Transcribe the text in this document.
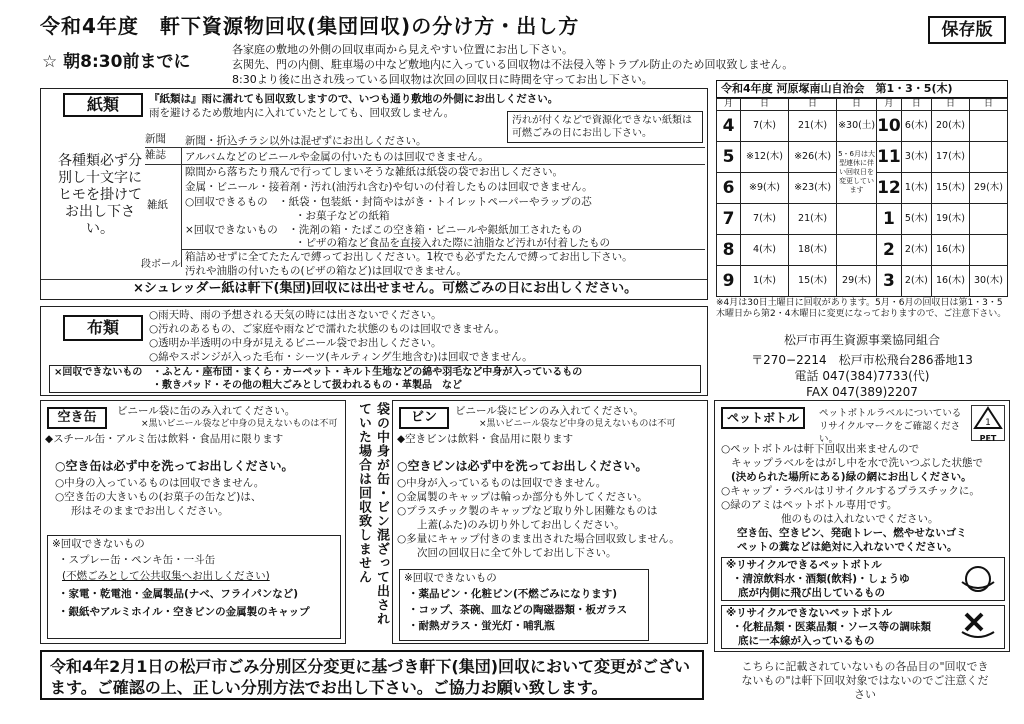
令和4年度　軒下資源物回収(集団回収)の分け方・出し方	保存版
☆ 朝8:30前までに
各家庭の敷地の外側の回収車両から見えやすい位置にお出し下さい。
玄関先、門の内側、駐車場の中など敷地内に入っている回収物は不法侵入等トラブル防止のため回収致しません。
8:30より後に出され残っている回収物は次回の回収日に時間を守ってお出し下さい。
紙類	『紙類は』雨に濡れても回収致しますので、いつも通り敷地の外側にお出しください。
雨を避けるため敷地内に入れていたとしても、回収致しません。
汚れが付くなどで資源化できない紙類は可燃ごみの日にお出し下さい。
各種類必ず分別し十文字にヒモを掛けてお出し下さい。
新聞	新聞・折込チラシ以外は混ぜずにお出しください。
雑誌	アルバムなどのビニールや金属の付いたものは回収できません。
雑紙
隙間から落ちたり飛んで行ってしまいそうな雑紙は紙袋の袋でお出しください。
金属・ビニール・接着剤・汚れ(油汚れ含む)や匂いの付着したものは回収できません。
○回収できるもの　・紙袋・包装紙・封筒やはがき・トイレットペーパーやラップの芯
・お菓子などの紙箱
×回収できないもの　・洗剤の箱・たばこの空き箱・ビニールや銀紙加工されたもの
・ピザの箱など食品を直接入れた際に油脂など汚れが付着したもの
段ボール
箱詰めせずに全てたたんで縛ってお出しください。1枚でも必ずたたんで縛ってお出し下さい。
汚れや油脂の付いたもの(ピザの箱など)は回収できません。
×シュレッダー紙は軒下(集団)回収には出せません。可燃ごみの日にお出しください。
布類
○雨天時、雨の予想される天気の時には出さないでください。
○汚れのあるもの、ご家庭や雨などで濡れた状態のものは回収できません。
○透明か半透明の中身が見えるビニール袋でお出しください。
○綿やスポンジが入った毛布・シーツ(キルティング生地含む)は回収できません。
×回収できないもの　・ふとん・座布団・まくら・カーペット・キルト生地などの綿や羽毛など中身が入っているもの
・敷きパッド・その他の粗大ごみとして扱われるもの・革製品　など
空き缶	ビニール袋に缶のみ入れてください。
×黒いビニール袋など中身の見えないものは不可
◆スチール缶・アルミ缶は飲料・食品用に限ります
○空き缶は必ず中を洗ってお出しください。
○中身の入っているものは回収できません。
○空き缶の大きいもの(お菓子の缶など)は、
形はそのままでお出しください。
※回収できないもの
・スプレー缶・ペンキ缶・一斗缶
(不燃ごみとして公共収集へお出しください)
・家電・乾電池・金属製品(ナベ、フライパンなど)
・銀紙やアルミホイル・空きビンの金属製のキャップ	袋の中身が缶・ビン混ざって出されていた場合は回収致しません	ビン	ビニール袋にビンのみ入れてください。
×黒いビニール袋など中身の見えないものは不可
◆空きビンは飲料・食品用に限ります
○空きビンは必ず中を洗ってお出しください。
○中身が入っているものは回収できません。
○金属製のキャップは輪っか部分も外してください。
○プラスチック製のキャップなど取り外し困難なものは
上蓋(ふた)のみ切り外してお出しください。
○多量にキャップ付きのまま出された場合回収致しません。
次回の回収日に全て外してお出し下さい。
※回収できないもの
・薬品ビン・化粧ビン(不燃ごみになります)
・コップ、茶碗、皿などの陶磁器類・板ガラス
・耐熱ガラス・蛍光灯・哺乳瓶
令和4年度 河原塚南山自治会　第1・3・5(木)
月	日	日	日	月	日	日	日
4	7(木)	21(木)	※30(土)	10	6(木)	20(木)	
5	※12(木)	※26(木)	5・6月は大型連休に伴い回収日を変更しています	11	3(木)	17(木)	
6	※9(木)	※23(木)		12	1(木)	15(木)	29(木)
7	7(木)	21(木)		1	5(木)	19(木)	
8	4(木)	18(木)		2	2(木)	16(木)	
9	1(木)	15(木)	29(木)	3	2(木)	16(木)	30(木)
※4月は30日土曜日に回収があります。5月・6月の回収日は第1・3・5木曜日から第2・4木曜日に変更になっておりますので、ご注意下さい。
松戸市再生資源事業協同組合
〒270−2214　松戸市松飛台286番地13
電話 047(384)7733(代)
FAX 047(389)2207
ペットボトル	ペットボトルラベルについているリサイクルマークをご確認ください。
1
PET
○ペットボトルは軒下回収出来ませんので
キャップラベルをはがし中を水で洗いつぶした状態で
(決められた場所にある)緑の網にお出しください。
○キャップ・ラベルはリサイクルするプラスチックに。
○緑のアミはペットボトル専用です。
他のものは入れないでください。
空き缶、空きビン、発砲トレー、燃やせないゴミ
ペットの糞などは絶対に入れないでください。
※リサイクルできるペットボトル
・清涼飲料水・酒類(飲料)・しょうゆ
底が内側に飛び出しているもの
※リサイクルできないペットボトル
・化粧品類・医薬品類・ソース等の調味類
底に一本線が入っているもの
令和4年2月1日の松戸市ごみ分別区分変更に基づき軒下(集団)回収において変更がございます。ご確認の上、正しい分別方法でお出し下さい。ご協力お願い致します。
こちらに記載されていないもの各品目の"回収できないもの"は軒下回収対象ではないのでご注意ください
